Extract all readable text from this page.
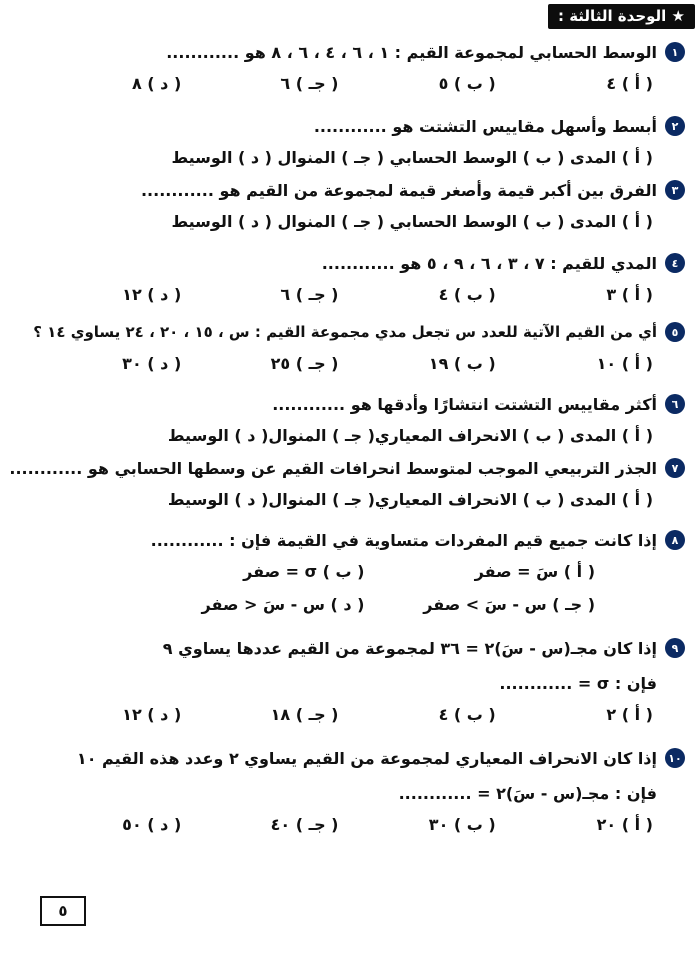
★ الوحدة الثالثة :
١
الوسط الحسابي لمجموعة القيم : ١ ، ٦ ، ٤ ، ٦ ، ٨ هو ............
( أ ) ٤
( ب ) ٥
( جـ ) ٦
( د ) ٨
٢
أبسط وأسهل مقاييس التشتت هو ............
( أ ) المدى ( ب ) الوسط الحسابي ( جـ ) المنوال ( د ) الوسيط
٣
الفرق بين أكبر قيمة وأصغر قيمة لمجموعة من القيم هو ............
( أ ) المدى ( ب ) الوسط الحسابي ( جـ ) المنوال ( د ) الوسيط
٤
المدي للقيم : ٧ ، ٣ ، ٦ ، ٩ ، ٥ هو ............
( أ ) ٣
( ب ) ٤
( جـ ) ٦
( د ) ١٢
٥
أي من القيم الآتية للعدد س تجعل مدي مجموعة القيم : س ، ١٥ ، ٢٠ ، ٢٤ يساوي ١٤ ؟
( أ ) ١٠
( ب ) ١٩
( جـ ) ٢٥
( د ) ٣٠
٦
أكثر مقاييس التشتت انتشارًا وأدقها هو ............
( أ ) المدى ( ب ) الانحراف المعياري( جـ ) المنوال( د ) الوسيط
٧
الجذر التربيعي الموجب لمتوسط انحرافات القيم عن وسطها الحسابي هو ............
( أ ) المدى ( ب ) الانحراف المعياري( جـ ) المنوال( د ) الوسيط
٨
إذا كانت جميع قيم المفردات متساوية في القيمة فإن : ............
( أ ) سَ = صفر
( ب ) σ = صفر
( جـ ) س - سَ > صفر
( د ) س - سَ < صفر
٩
إذا كان مجـ(س - سَ)٢ = ٣٦ لمجموعة من القيم عددها يساوي ٩
فإن : σ = ............
( أ ) ٢
( ب ) ٤
( جـ ) ١٨
( د ) ١٢
١٠
إذا كان الانحراف المعياري لمجموعة من القيم يساوي ٢ وعدد هذه القيم ١٠
فإن : مجـ(س - سَ)٢ = ............
( أ ) ٢٠
( ب ) ٣٠
( جـ ) ٤٠
( د ) ٥٠
٥
